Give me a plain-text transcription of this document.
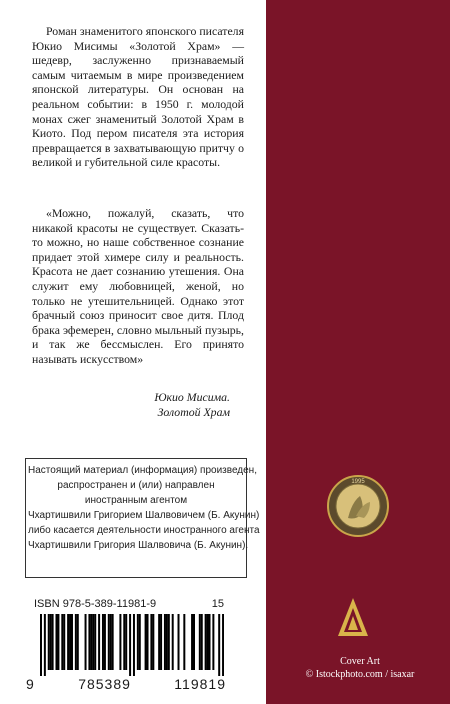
Роман знаменитого японского писателя Юкио Мисимы «Золотой Храм» — шедевр, заслуженно признаваемый самым читаемым в мире произведением японской литературы. Он основан на реальном событии: в 1950 г. молодой монах сжег знаменитый Золотой Храм в Киото. Под пером писателя эта история превращается в захватывающую притчу о великой и губительной силе красоты.

«Можно, пожалуй, сказать, что никакой красоты не существует. Сказать-то можно, но наше собственное сознание придает этой химере силу и реальность. Красота не дает сознанию утешения. Она служит ему любовницей, женой, но только не утешительницей. Однако этот брачный союз приносит свое дитя. Плод брака эфемерен, словно мыльный пузырь, и так же бессмыслен. Его принято называть искусством»

Юкио Мисима.
Золотой Храм
Настоящий материал (информация) произведен,
распространен и (или) направлен
иностранным агентом
Чхартишвили Григорием Шалвовичем (Б. Акунин)
либо касается деятельности иностранного агента
Чхартишвили Григория Шалвовича (Б. Акунин).
ISBN 978-5-389-11981-9	15
9	785389	119819
1995
Cover Art
© Istockphoto.com / isaxar
